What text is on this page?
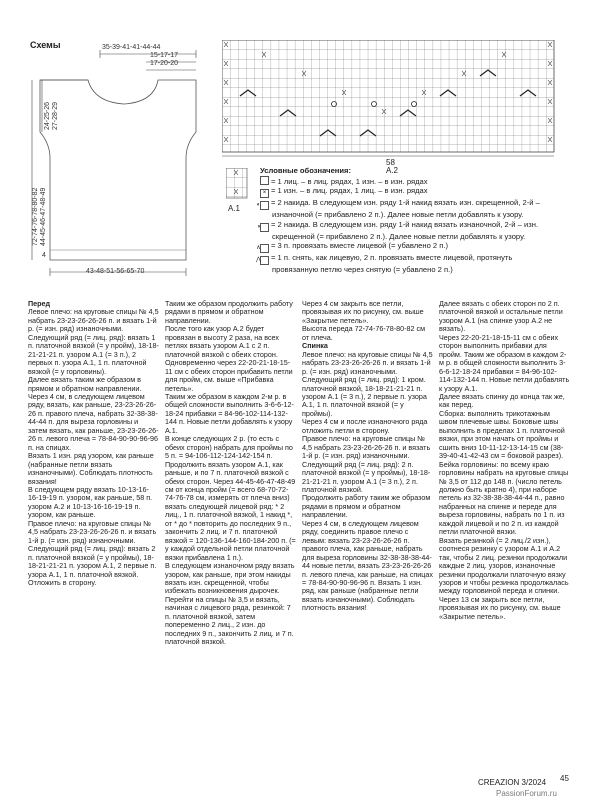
Схемы	35-39-41-41-44-44
15-17-17
17-20-20
24-25-26 27-28-29
72-74-76-78-80-82 44-45-46-47-48-49
4
43-48-51-56-65-70
58
А.2
А.1
Условные обозначения:
= 1 лиц. – в лиц. рядах, 1 изн. – в изн. рядах
× = 1 изн. – в лиц. рядах, 1 лиц. – в изн. рядах
◐ = 2 накида. В следующем изн. ряду 1-й накид вязать изн. скрещенной, 2-й – изнаночной (= прибавлено 2 п.). Далее новые петли добавлять к узору.
◑ = 2 накида. В следующем изн. ряду 1-й накид вязать изнаночной, 2-й – изн. скрещенной (= прибавлено 2 п.). Далее новые петли добавлять к узору.
∧ = 3 п. провязать вместе лицевой (= убавлено 2 п.)
⋀ = 1 п. снять, как лицевую, 2 п. провязать вместе лицевой, протянуть провязанную петлю через снятую (= убавлено 2 п.)

Перед

Левое плечо: на круговые спицы № 4,5 набрать 23-23-26-26-26 п. и вязать 1-й р. (= изн. ряд) изнаночными.

Следующий ряд (= лиц. ряд): вязать 1 п. платочной вязкой (= у пройм), 18-18-21-21-21 п. узором А.1 (= 3 п.), 2 первых п. узора А.1, 1 п. платочной вязкой (= у горловины).

Далее вязать таким же образом в прямом и обратном направлении.

Через 4 см, в следующем лицевом ряду, вязать, как раньше, 23-23-26-26-26 п. правого плеча, набрать 32-38-38-44-44 п. для выреза горловины и затем вязать, как раньше, 23-23-26-26-26 п. левого плеча = 78-84-90-90-96-96 п. на спицах.

Вязать 1 изн. ряд узором, как раньше (набранные петли вязать изнаночными). Соблюдать плотность вязания!

В следующем ряду вязать 10-13-16-16-19-19 п. узором, как раньше, 58 п. узором А.2 и 10-13-16-16-19-19 п. узором, как раньше.

Правое плечо: на круговые спицы № 4,5 набрать 23-23-26-26-26 п. и вязать 1-й р. (= изн. ряд) изнаночными.

Следующий ряд (= лиц. ряд): вязать 2 п. платочной вязкой (= у проймы), 18-18-21-21-21 п. узором А.1, 2 первые п. узора А.1, 1 п. платочной вязкой. Отложить в сторону.

Таким же образом продолжить работу рядами в прямом и обратном направлении.

После того как узор А.2 будет провязан в высоту 2 раза, на всех петлях вязать узором А.1 с 2 п. платочной вязкой с обеих сторон.

Одновременно через 22-20-21-18-15-11 см с обеих сторон прибавить петли для пройм, см. выше «Прибавка петель».

Таким же образом в каждом 2-м р. в общей сложности выполнить 3-6-6-12-18-24 прибавки = 84-96-102-114-132-144 п. Новые петли добавлять к узору А.1.

В конце следующих 2 р. (то есть с обеих сторон) набрать для проймы по 5 п. = 94-106-112-124-142-154 п.

Продолжить вязать узором А.1, как раньше, и по 7 п. платочной вязкой с обеих сторон. Через 44-45-46-47-48-49 см от конца пройм (= всего 68-70-72-74-76-78 см, измерять от плеча вниз) вязать следующей лицевой ряд: * 2 лиц., 1 п. платочной вязкой, 1 накид *, от * до * повторить до последних 9 п., закончить 2 лиц. и 7 п. платочной вязкой = 120-136-144-160-184-200 п. (= у каждой отдельной петли платочной вязки прибавлена 1 п.).

В следующем изнаночном ряду вязать узором, как раньше, при этом накиды вязать изн. скрещенной, чтобы избежать возникновения дырочек.

Перейти на спицы № 3,5 и вязать, начиная с лицевого ряда, резинкой: 7 п. платочной вязкой, затем попеременно 2 лиц., 2 изн. до последних 9 п., закончить 2 лиц. и 7 п. платочной вязкой.

Через 4 см закрыть все петли, провязывая их по рисунку, см. выше «Закрытие петель».

Высота переда 72-74-76-78-80-82 см от плеча.

Спинка

Левое плечо: на круговые спицы № 4,5 набрать 23-23-26-26-26 п. и вязать 1-й р. (= изн. ряд) изнаночными.

Следующий ряд (= лиц. ряд): 1 кром. платочной вязкой, 18-18-21-21-21 п. узором А.1 (= 3 п.), 2 первые п. узора А.1, 1 п. платочной вязкой (= у проймы).

Через 4 см и после изнаночного ряда отложить петли в сторону.

Правое плечо: на круговые спицы № 4,5 набрать 23-23-26-26-26 п. и вязать 1-й р. (= изн. ряд) изнаночными.

Следующий ряд (= лиц. ряд): 2 п. платочной вязкой (= у проймы), 18-18-21-21-21 п. узором А.1 (= 3 п.), 2 п. платочной вязкой.

Продолжить работу таким же образом рядами в прямом и обратном направлении.

Через 4 см, в следующем лицевом ряду, соединить правое плечо с левым: вязать 23-23-26-26-26 п. правого плеча, как раньше, набрать для выреза горловины 32-38-38-38-44-44 новые петли, вязать 23-23-26-26-26 п. левого плеча, как раньше, на спицах = 78-84-90-90-96-96 п. Вязать 1 изн. ряд, как раньше (набранные петли вязать изнаночными). Соблюдать плотность вязания!

Далее вязать с обеих сторон по 2 п. платочной вязкой и остальные петли узором А.1 (на спинке узор А.2 не вязать).

Через 22-20-21-18-15-11 см с обеих сторон выполнить прибавки для пройм. Таким же образом в каждом 2-м р. в общей сложности выполнить 3-6-6-12-18-24 прибавки = 84-96-102-114-132-144 п. Новые петли добавлять к узору А.1.

Далее вязать спинку до конца так же, как перед.

Сборка: выполнить трикотажным швом плечевые швы. Боковые швы выполнить в пределах 1 п. платочной вязки, при этом начать от проймы и сшить вниз 10-11-12-13-14-15 см (38-39-40-41-42-43 см = боковой разрез).

Бейка горловины: по всему краю горловины набрать на круговые спицы № 3,5 от 112 до 148 п. (число петель должно быть кратно 4), при наборе петель из 32-38-38-38-44-44 п., равно набранных на спинке и переде для выреза горловины, набрать по 1 п. из каждой лицевой и по 2 п. из каждой петли платочной вязки.

Вязать резинкой (= 2 лиц./2 изн.), соотнеся резинку с узором А.1 и А.2 так, чтобы 2 лиц. резинки продолжали каждые 2 лиц. узоров, изнаночные резинки продолжали платочную вязку узоров и чтобы резинка продолжалась между горловиной переда и спинки.

Через 13 см закрыть все петли, провязывая их по рисунку, см. выше «Закрытие петель».

CREAZION 3/2024 45
PassionForum.ru
